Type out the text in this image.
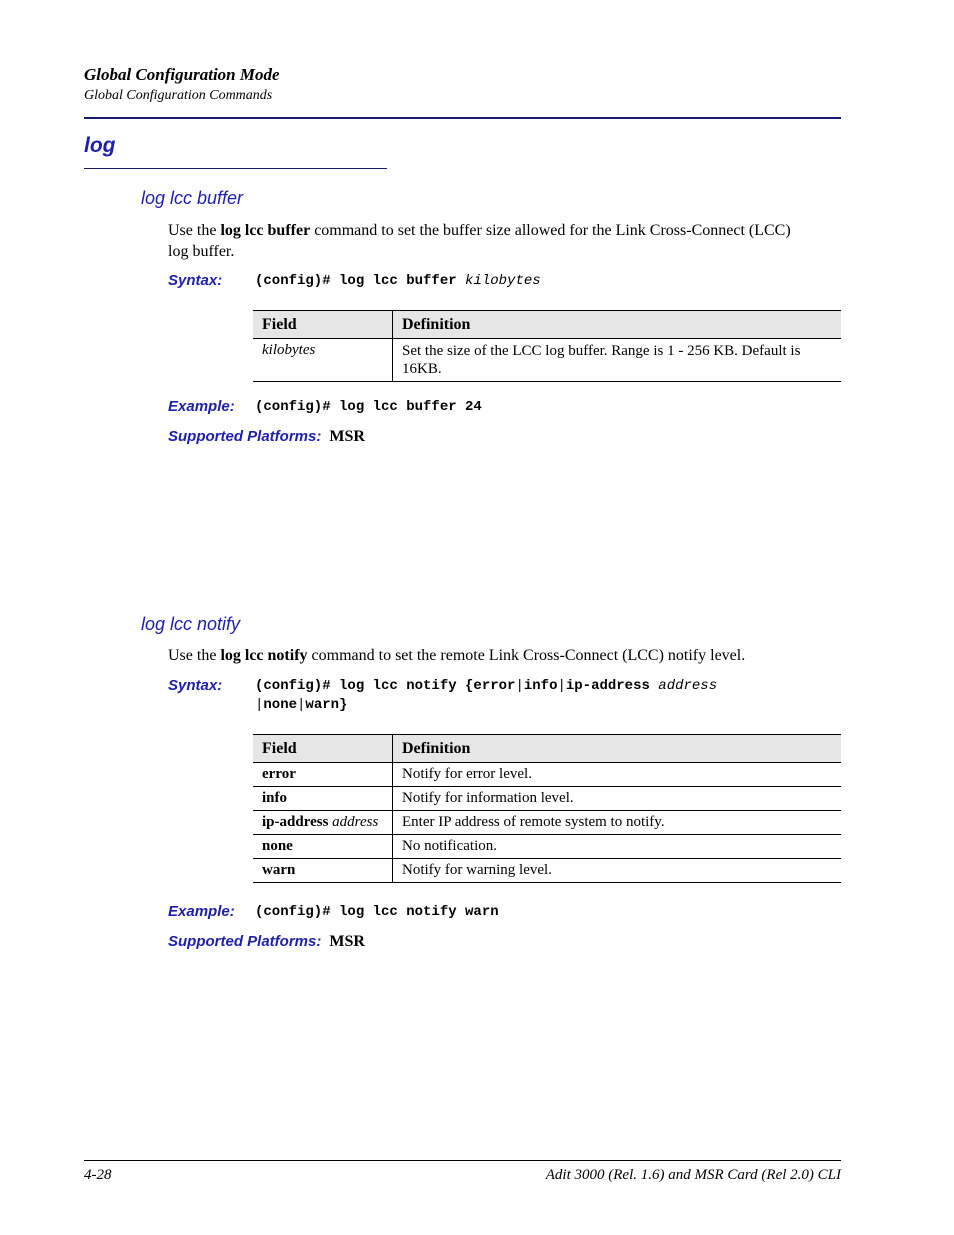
Global Configuration Mode
Global Configuration Commands
log
log lcc buffer
Use the log lcc buffer command to set the buffer size allowed for the Link Cross-Connect (LCC)
log buffer.
Syntax: (config)# log lcc buffer kilobytes
Field	Definition
kilobytes	Set the size of the LCC log buffer. Range is 1 - 256 KB. Default is
16KB.
Example: (config)# log lcc buffer 24
Supported Platforms: MSR
log lcc notify
Use the log lcc notify command to set the remote Link Cross-Connect (LCC) notify level.
Syntax: (config)# log lcc notify {error|info|ip-address address
|none|warn}
Field	Definition
error	Notify for error level.
info	Notify for information level.
ip-address address	Enter IP address of remote system to notify.
none	No notification.
warn	Notify for warning level.
Example: (config)# log lcc notify warn
Supported Platforms: MSR
4-28	Adit 3000 (Rel. 1.6) and MSR Card (Rel 2.0) CLI
